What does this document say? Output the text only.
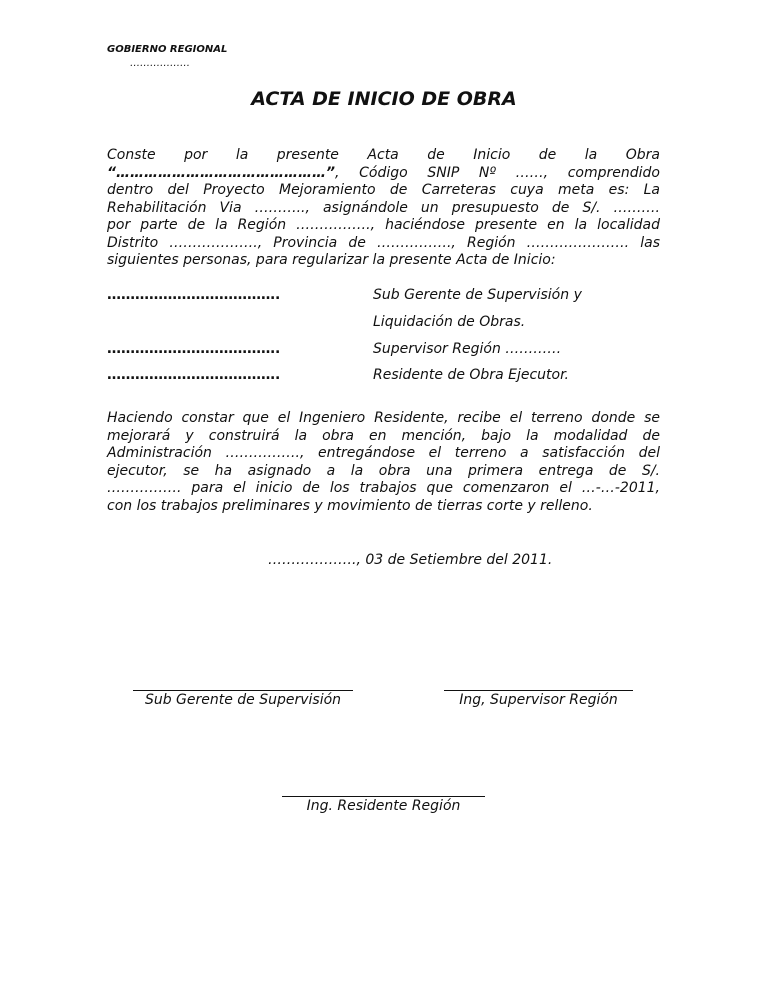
GOBIERNO REGIONAL
………………
ACTA DE INICIO DE OBRA
Conste por la presente Acta de Inicio de la Obra
“………………………………………”, Código SNIP Nº ……, comprendido
dentro del Proyecto Mejoramiento de Carreteras cuya meta es: La
Rehabilitación Via ……….., asignándole un presupuesto de S/. ……….
por parte de la Región ……………., haciéndose presente en la localidad
Distrito ………………., Provincia de ……………., Región …………………. las
siguientes personas, para regularizar la presente Acta de Inicio:
……………………………….	Sub Gerente de Supervisión y
Liquidación de Obras.
……………………………….	Supervisor Región …………
……………………………….	Residente de Obra Ejecutor.
Haciendo constar que el Ingeniero Residente, recibe el terreno donde se
mejorará y construirá la obra en mención, bajo la modalidad de
Administración ……………., entregándose el terreno a satisfacción del
ejecutor, se ha asignado a la obra una primera entrega de S/.
……………. para el inicio de los trabajos que comenzaron el …-…-2011,
con los trabajos preliminares y movimiento de tierras corte y relleno.
………………., 03 de Setiembre del 2011.
Sub Gerente de Supervisión	Ing, Supervisor Región
Ing. Residente Región
